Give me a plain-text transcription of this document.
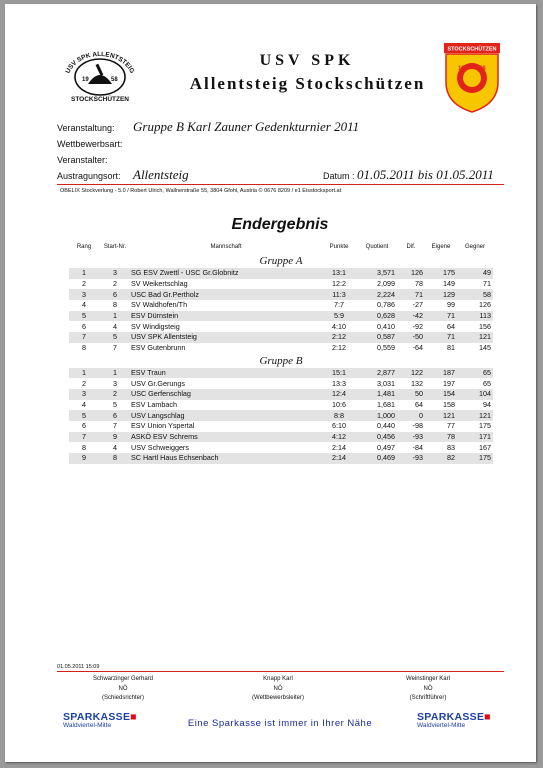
USV SPK ALLENTSTEIG
19	58
STOCKSCHÜTZEN
USV SPK
Allentsteig Stockschützen
STOCKSCHÜTZEN
19 58
Veranstaltung: Gruppe B Karl Zauner Gedenkturnier 2011
Wettbewerbsart:
Veranstalter:
Austragungsort: Allentsteig	Datum : 01.05.2011 bis 01.05.2011
OBELIX Stockverlung - 5.0 / Robert Ulrich, Wallnerstraße 55, 3804 Gfohl, Austria © 0676 8209 / e1 Eisstocksport.at
Endergebnis
Rang	Start-Nr.	Mannschaft	Punkte	Quotient	Dif.	Eigene	Gegner
Gruppe A							
1	3	SG ESV Zwettl - USC Gr.Globnitz	13:1	3,571	126	175	49
2	2	SV Weikertschlag	12:2	2,099	78	149	71
3	6	USC Bad Gr.Pertholz	11:3	2,224	71	129	58
4	8	SV Waldhofen/Th	7:7	0,786	-27	99	126
5	1	ESV Dürnstein	5:9	0,628	-42	71	113
6	4	SV Windigsteig	4:10	0,410	-92	64	156
7	5	USV SPK Allentsteig	2:12	0,587	-50	71	121
8	7	ESV Gutenbrunn	2:12	0,559	-64	81	145
Gruppe B							
1	1	ESV Traun	15:1	2,877	122	187	65
2	3	USV Gr.Gerungs	13:3	3,031	132	197	65
3	2	USC Gerfenschlag	12:4	1,481	50	154	104
4	5	ESV Lambach	10:6	1,681	64	158	94
5	6	USV Langschlag	8:8	1,000	0	121	121
6	7	ESV Union Yspertal	6:10	0,440	-98	77	175
7	9	ASKÖ ESV Schrems	4:12	0,456	-93	78	171
8	4	USV Schweiggers	2:14	0,497	-84	83	167
9	8	SC Hartl Haus Echsenbach	2:14	0,469	-93	82	175
01.05.2011 15:09
Schwarzinger Gerhard
NÖ
(Schiedsrichter)
Knapp Karl
NÖ
(Wettbewerbsleiter)
Weinstinger Karl
NÖ
(Schriftführer)
SPARKASSE■
Waldviertel-Mitte	Eine Sparkasse ist immer in Ihrer Nähe
SPARKASSE■
Waldviertel-Mitte
